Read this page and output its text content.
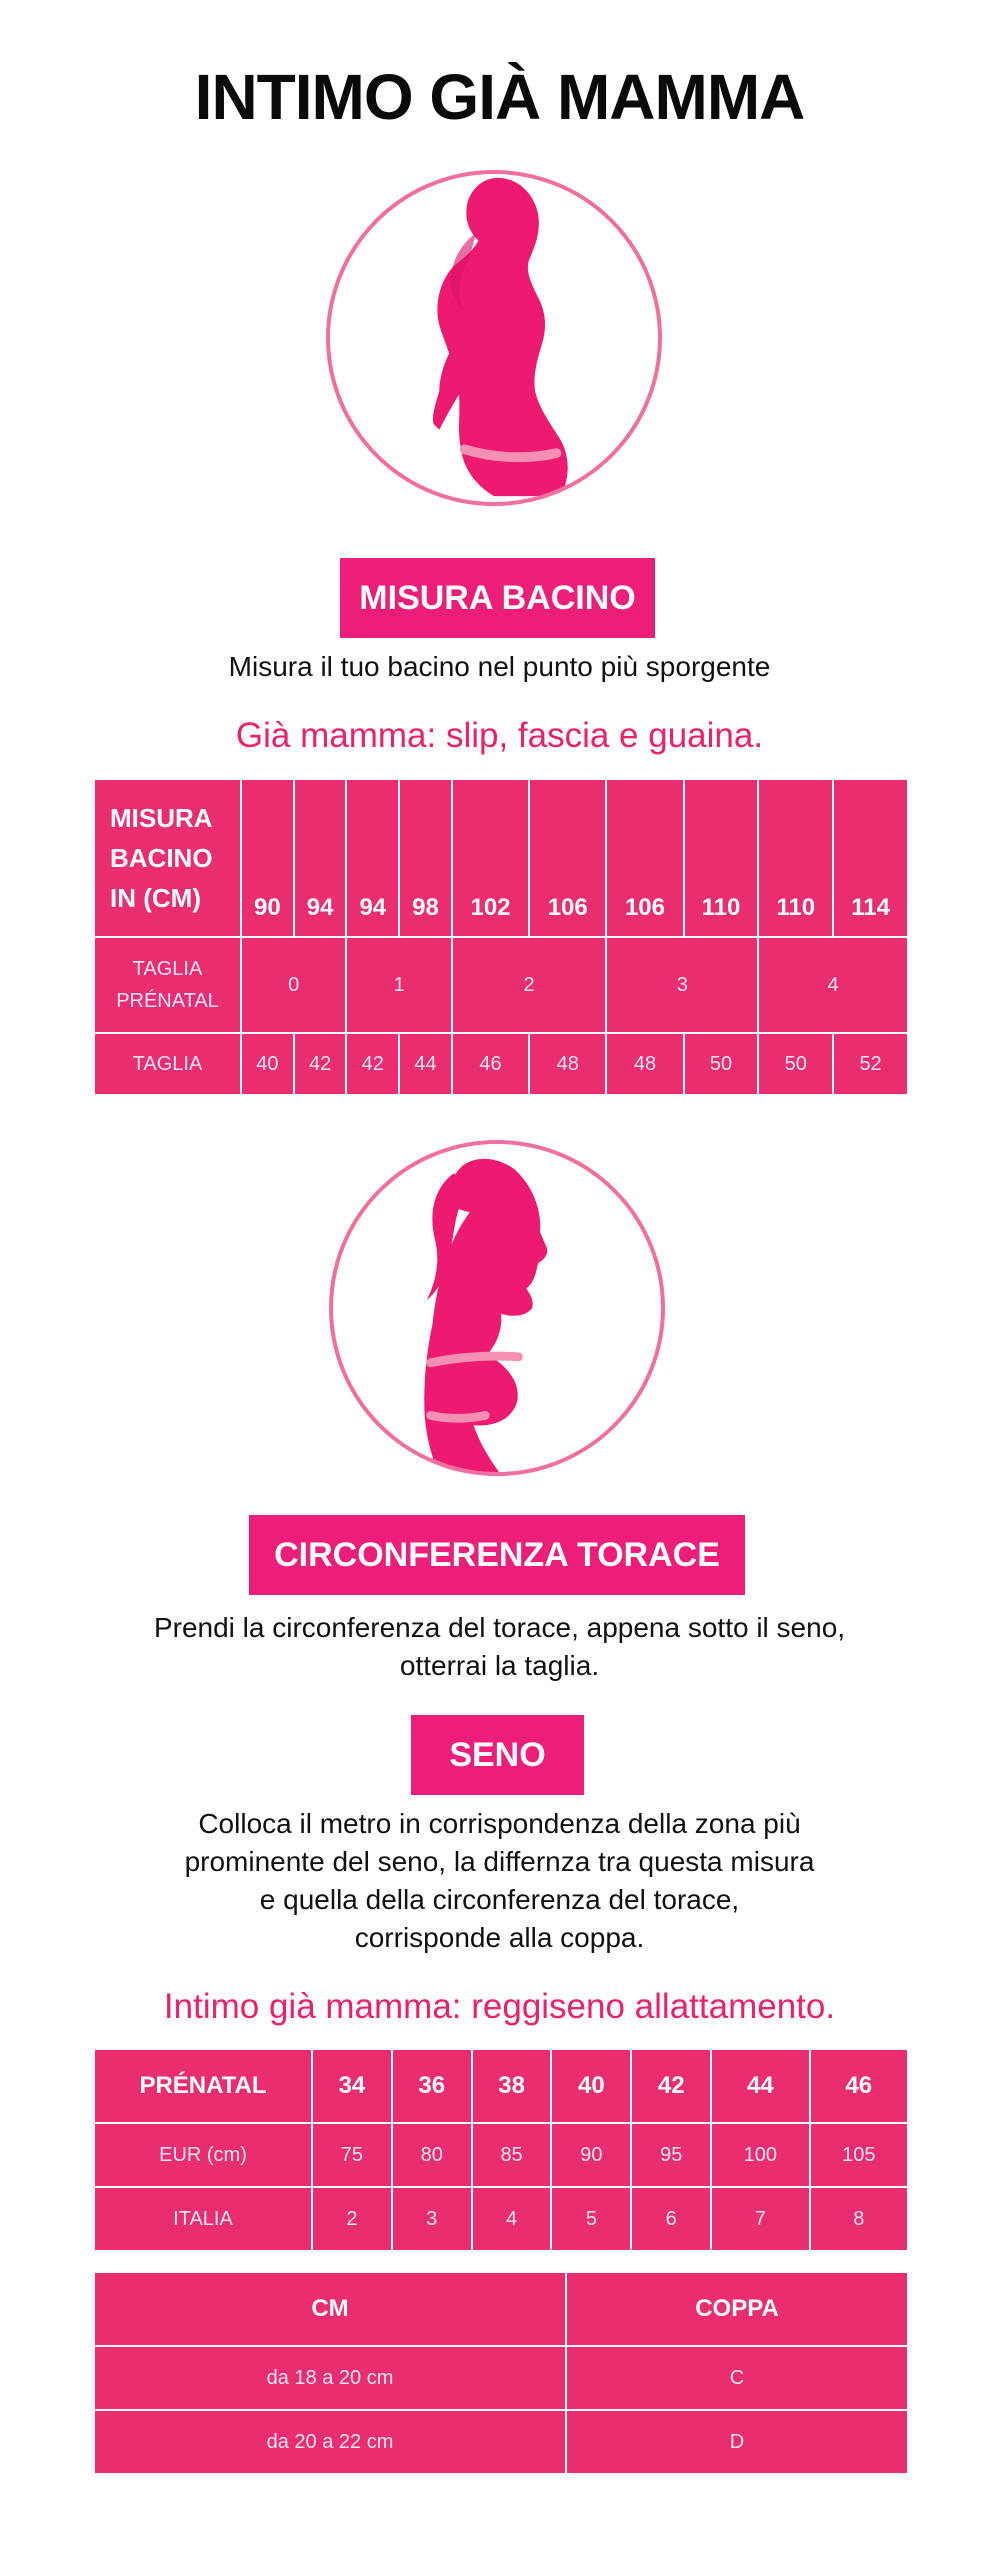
INTIMO GIÀ MAMMA
MISURA BACINO
Misura il tuo bacino nel punto più sporgente
Già mamma: slip, fascia e guaina.
MISURA
BACINO
IN (CM)	90	94	94	98	102	106	106	110	110	114
TAGLIA
PRÉNATAL	0		1		2		3		4	
TAGLIA	40	42	42	44	46	48	48	50	50	52
CIRCONFERENZA TORACE
Prendi la circonferenza del torace, appena sotto il seno,
otterrai la taglia.
SENO
Colloca il metro in corrispondenza della zona più
prominente del seno, la differnza tra questa misura
e quella della circonferenza del torace,
corrisponde alla coppa.
Intimo già mamma: reggiseno allattamento.
PRÉNATAL	34	36	38	40	42	44	46
EUR (cm)	75	80	85	90	95	100	105
ITALIA	2	3	4	5	6	7	8
CM	COPPA
da 18 a 20 cm	C
da 20 a 22 cm	D
